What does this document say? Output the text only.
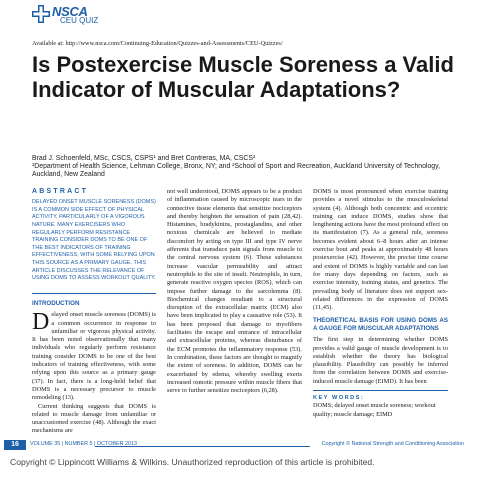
NSCA
CEU QUIZ
Available at: http://www.nsca.com/Continuing-Education/Quizzes-and-Assessments/CEU-Quizzes/
Is Postexercise Muscle Soreness a Valid Indicator of Muscular Adaptations?
Brad J. Schoenfeld, MSc, CSCS, CSPS¹ and Bret Contreras, MA, CSCS²
¹Department of Health Science, Lehman College, Bronx, NY; and ²School of Sport and Recreation, Auckland University of Technology, Auckland, New Zealand
ABSTRACT
DELAYED ONSET MUSCLE SORENESS (DOMS) IS A COMMON SIDE EFFECT OF PHYSICAL ACTIVITY, PARTICULARLY OF A VIGOROUS NATURE. MANY EXERCISERS WHO REGULARLY PERFORM RESISTANCE TRAINING CONSIDER DOMS TO BE ONE OF THE BEST INDICATORS OF TRAINING EFFECTIVENESS, WITH SOME RELYING UPON THIS SOURCE AS A PRIMARY GAUGE. THIS ARTICLE DISCUSSES THE RELEVANCE OF USING DOMS TO ASSESS WORKOUT QUALITY.
INTRODUCTION
D elayed onset muscle soreness (DOMS) is a common occurrence in response to unfamiliar or vigorous physical activity. It has been noted observationally that many individuals who regularly perform resistance training consider DOMS to be one of the best indicators of training effectiveness, with some relying upon this source as a primary gauge (37). In fact, there is a long-held belief that DOMS is a necessary precursor to muscle remodeling (13).
Current thinking suggests that DOMS is related to muscle damage from unfamiliar or unaccustomed exercise (48). Although the exact mechanisms are
not well understood, DOMS appears to be a product of inflammation caused by microscopic tears in the connective tissue elements that sensitize nociceptors and thereby heighten the sensation of pain (28,42). Histamines, bradykinins, prostaglandins, and other noxious chemicals are believed to mediate discomfort by acting on type III and type IV nerve afferents that transduce pain signals from muscle to the central nervous system (6). These substances increase vascular permeability and attract neutrophils to the site of insult. Neutrophils, in turn, generate reactive oxygen species (ROS), which can impose further damage to the sarcolemma (8). Biochemical changes resultant to a structural disruption of the extracellular matrix (ECM) also have been implicated to play a causative role (53). It has been proposed that damage to myofibers facilitates the escape and entrance of intracellular and extracellular proteins, whereas disturbance of the ECM promotes the inflammatory response (53). In combination, these factors are thought to magnify the extent of soreness. In addition, DOMS can be exacerbated by edema, whereby swelling exerts increased osmotic pressure within muscle fibers that serve to further sensitize nociceptors (6,28).
DOMS is most pronounced when exercise training provides a novel stimulus to the musculoskeletal system (4). Although both concentric and eccentric training can induce DOMS, studies show that lengthening actions have the most profound effect on its manifestation (7). As a general rule, soreness becomes evident about 6–8 hours after an intense exercise bout and peaks at approximately 48 hours postexercise (42). However, the precise time course and extent of DOMS is highly variable and can last for many days depending on factors, such as exercise intensity, training status, and genetics. The prevailing body of literature does not support sex-related differences in the expression of DOMS (11,45).
THEORETICAL BASIS FOR USING DOMS AS A GAUGE FOR MUSCULAR ADAPTATIONS
The first step in determining whether DOMS provides a valid gauge of muscle development is to establish whether the theory has biological plausibility. Plausibility can possibly be inferred from the correlation between DOMS and exercise-induced muscle damage (EIMD). It has been
KEY WORDS:
DOMS; delayed onset muscle soreness; workout quality; muscle damage; EIMD
16	VOLUME 35 | NUMBER 5 | OCTOBER 2013	Copyright © National Strength and Conditioning Association
Copyright © Lippincott Williams & Wilkins. Unauthorized reproduction of this article is prohibited.
